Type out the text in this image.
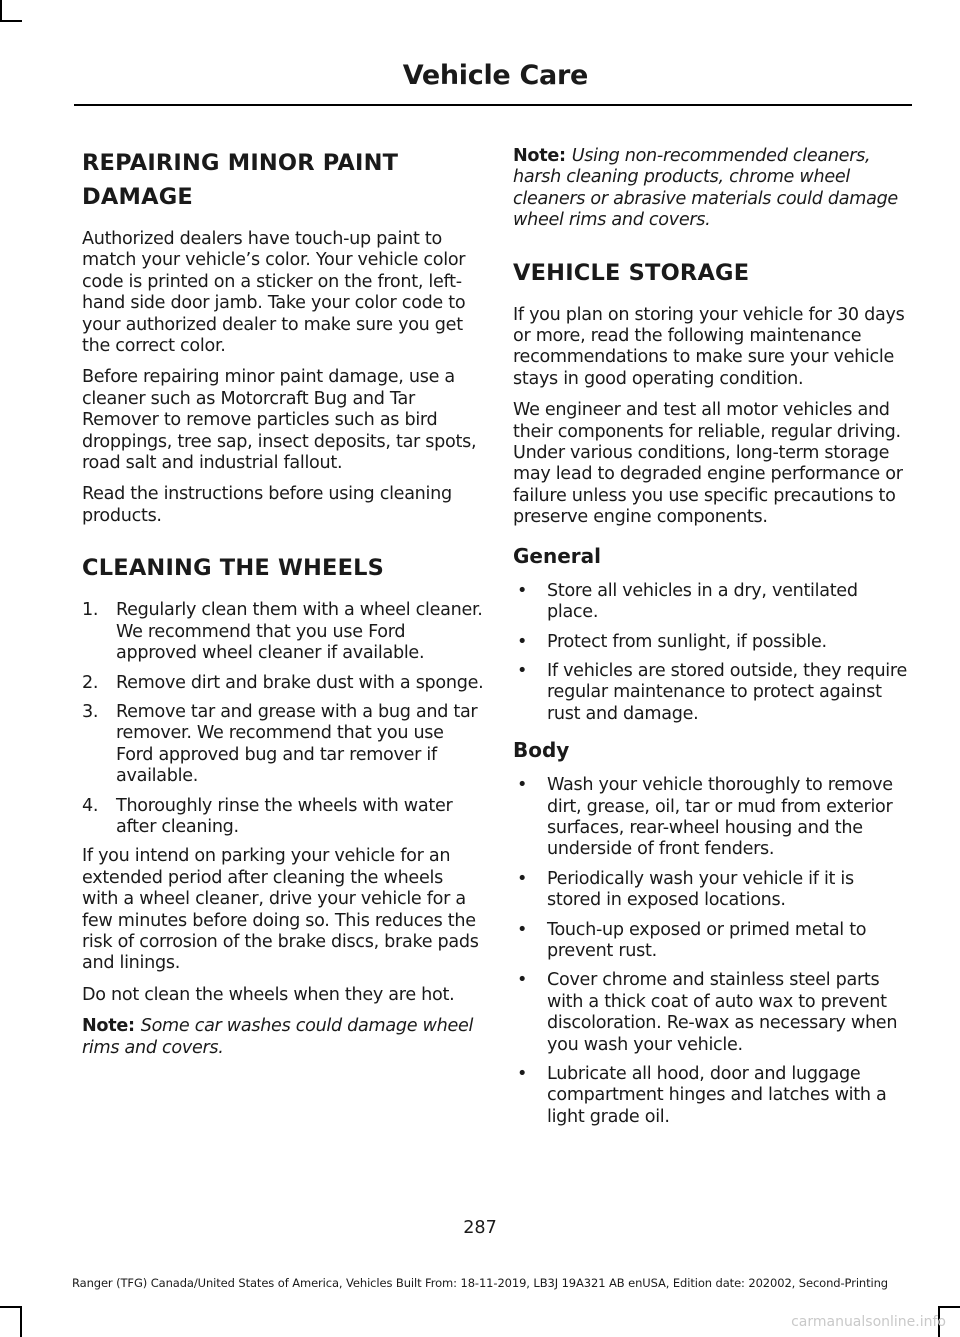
Vehicle Care
REPAIRING MINOR PAINT DAMAGE

Authorized dealers have touch-up paint to match your vehicle’s color. Your vehicle color code is printed on a sticker on the front, left-hand side door jamb. Take your color code to your authorized dealer to make sure you get the correct color.

Before repairing minor paint damage, use a cleaner such as Motorcraft Bug and Tar Remover to remove particles such as bird droppings, tree sap, insect deposits, tar spots, road salt and industrial fallout.

Read the instructions before using cleaning products.

CLEANING THE WHEELS
1. Regularly clean them with a wheel cleaner. We recommend that you use Ford approved wheel cleaner if available.
2. Remove dirt and brake dust with a sponge.
3. Remove tar and grease with a bug and tar remover. We recommend that you use Ford approved bug and tar remover if available.
4. Thoroughly rinse the wheels with water after cleaning.

If you intend on parking your vehicle for an extended period after cleaning the wheels with a wheel cleaner, drive your vehicle for a few minutes before doing so. This reduces the risk of corrosion of the brake discs, brake pads and linings.

Do not clean the wheels when they are hot.

Note: Some car washes could damage wheel rims and covers.

Note: Using non-recommended cleaners, harsh cleaning products, chrome wheel cleaners or abrasive materials could damage wheel rims and covers.

VEHICLE STORAGE

If you plan on storing your vehicle for 30 days or more, read the following maintenance recommendations to make sure your vehicle stays in good operating condition.

We engineer and test all motor vehicles and their components for reliable, regular driving. Under various conditions, long-term storage may lead to degraded engine performance or failure unless you use specific precautions to preserve engine components.

General
• Store all vehicles in a dry, ventilated place.
• Protect from sunlight, if possible.
• If vehicles are stored outside, they require regular maintenance to protect against rust and damage.
Body
• Wash your vehicle thoroughly to remove dirt, grease, oil, tar or mud from exterior surfaces, rear-wheel housing and the underside of front fenders.
• Periodically wash your vehicle if it is stored in exposed locations.
• Touch-up exposed or primed metal to prevent rust.
• Cover chrome and stainless steel parts with a thick coat of auto wax to prevent discoloration. Re-wax as necessary when you wash your vehicle.
• Lubricate all hood, door and luggage compartment hinges and latches with a light grade oil.
287
Ranger (TFG) Canada/United States of America, Vehicles Built From: 18-11-2019, LB3J 19A321 AB enUSA, Edition date: 202002, Second-Printing
carmanualsonline.info
